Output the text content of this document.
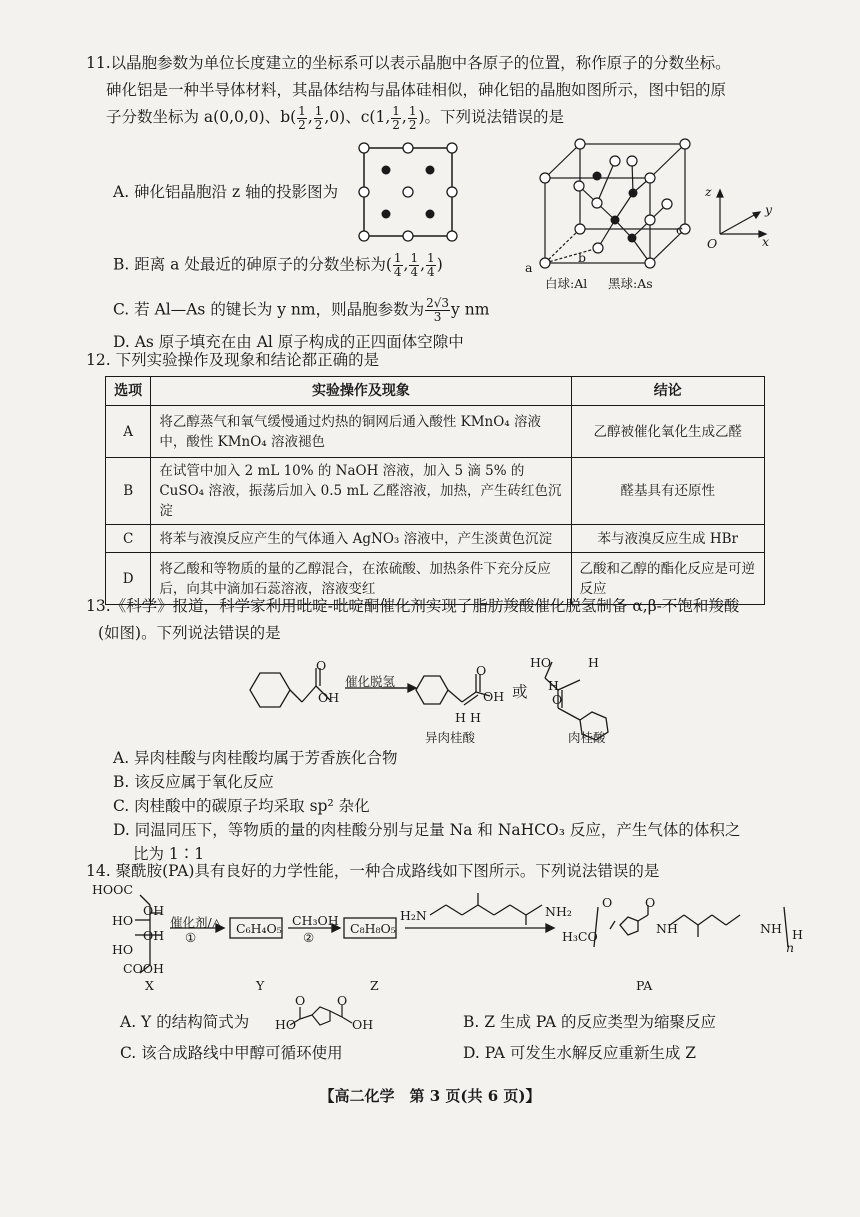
11.以晶胞参数为单位长度建立的坐标系可以表示晶胞中各原子的位置，称作原子的分数坐标。
砷化铝是一种半导体材料，其晶体结构与晶体硅相似，砷化铝的晶胞如图所示，图中铝的原
子分数坐标为 a(0,0,0)、$b( \frac{1}{2}$ , $\frac{1}{2} ,0$)、c(1, $\frac{1}{2}$ , $\frac{1}{2}$ )。下列说法错误的是
A. 砷化铝晶胞沿 z 轴的投影图为
a
b
c
白球:Al 黑球:As
z
y
x
O
B. 距离 a 处最近的砷原子的分数坐标为( $\frac{1}{4}$ , $\frac{1}{4}$ , $\frac{1}{4}$ )
C. 若 Al—As 的键长为 y nm，则晶胞参数为 $\frac{2√3}{3}$ y nm
D. As 原子填充在由 Al 原子构成的正四面体空隙中
12. 下列实验操作及现象和结论都正确的是
选项	实验操作及现象	结论
A	将乙醇蒸气和氧气缓慢通过灼热的铜网后通入酸性 KMnO₄ 溶液中，酸性 KMnO₄ 溶液褪色	乙醇被催化氧化生成乙醛
B	在试管中加入 2 mL 10% 的 NaOH 溶液，加入 5 滴 5% 的 CuSO₄ 溶液，振荡后加入 0.5 mL 乙醛溶液，加热，产生砖红色沉淀	醛基具有还原性
C	将苯与液溴反应产生的气体通入 AgNO₃ 溶液中，产生淡黄色沉淀	苯与液溴反应生成 HBr
D	将乙酸和等物质的量的乙醇混合，在浓硫酸、加热条件下充分反应后，向其中滴加石蕊溶液，溶液变红	乙酸和乙醇的酯化反应是可逆反应
13.《科学》报道，科学家利用吡啶-吡啶酮催化剂实现了脂肪羧酸催化脱氢制备 α,β-不饱和羧酸
(如图)。下列说法错误的是
O
OH
催化脱氢
O
OH
H H
或
HO
O
H
H
异肉桂酸	肉桂酸
A. 异肉桂酸与肉桂酸均属于芳香族化合物
B. 该反应属于氧化反应
C. 肉桂酸中的碳原子均采取 sp² 杂化
D. 同温同压下，等物质的量的肉桂酸分别与足量 Na 和 NaHCO₃ 反应，产生气体的体积之
比为 1∶1
14. 聚酰胺(PA)具有良好的力学性能，一种合成路线如下图所示。下列说法错误的是
HOOC
OH
HO
OH
HO
COOH
催化剂/△
①
C₆H₄O₅
CH₃OH
②
C₈H₈O₅
H₂N	NH₂
H₃CO
O	O
NH	NH H
n
X	Y	Z	PA
A. Y 的结构简式为 HO
O	O
OH	B. Z 生成 PA 的反应类型为缩聚反应
C. 该合成路线中甲醇可循环使用	D. PA 可发生水解反应重新生成 Z
【高二化学　第 3 页(共 6 页)】
